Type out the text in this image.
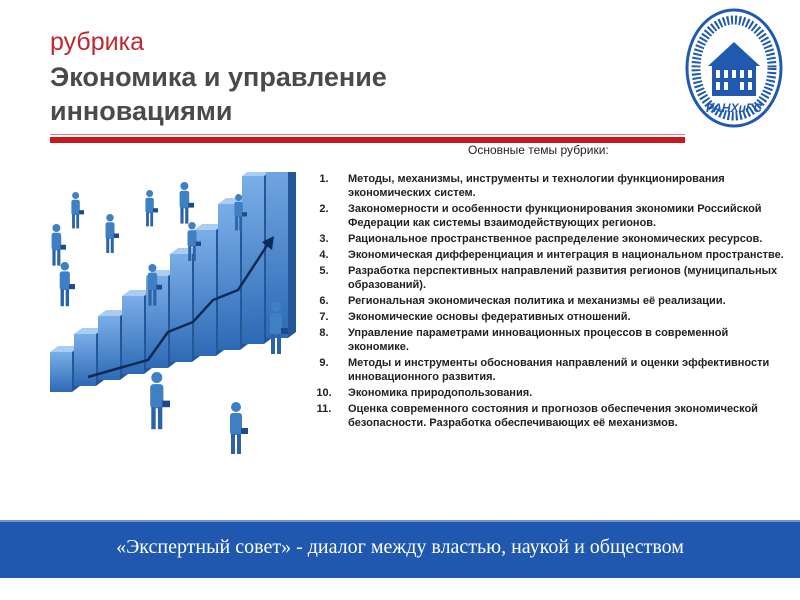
рубрика
Экономика и управление инновациями	РАНХиГС
Основные темы рубрики:
1.	Методы, механизмы, инструменты и технологии функционирования экономических систем.
2.	Закономерности и особенности функционирования экономики Российской Федерации как системы взаимодействующих регионов.
3.	Рациональное пространственное распределение экономических ресурсов.
4.	Экономическая дифференциация и интеграция в национальном пространстве.
5.	Разработка перспективных направлений развития регионов (муниципальных образований).
6.	Региональная экономическая политика и механизмы её реализации.
7.	Экономические основы федеративных отношений.
8.	Управление параметрами инновационных процессов в современной экономике.
9.	Методы и инструменты обоснования направлений и оценки эффективности инновационного развития.
10.	Экономика природопользования.
11.	Оценка современного состояния и прогнозов обеспечения экономической безопасности. Разработка обеспечивающих её механизмов.
«Экспертный совет» - диалог между властью, наукой и обществом
